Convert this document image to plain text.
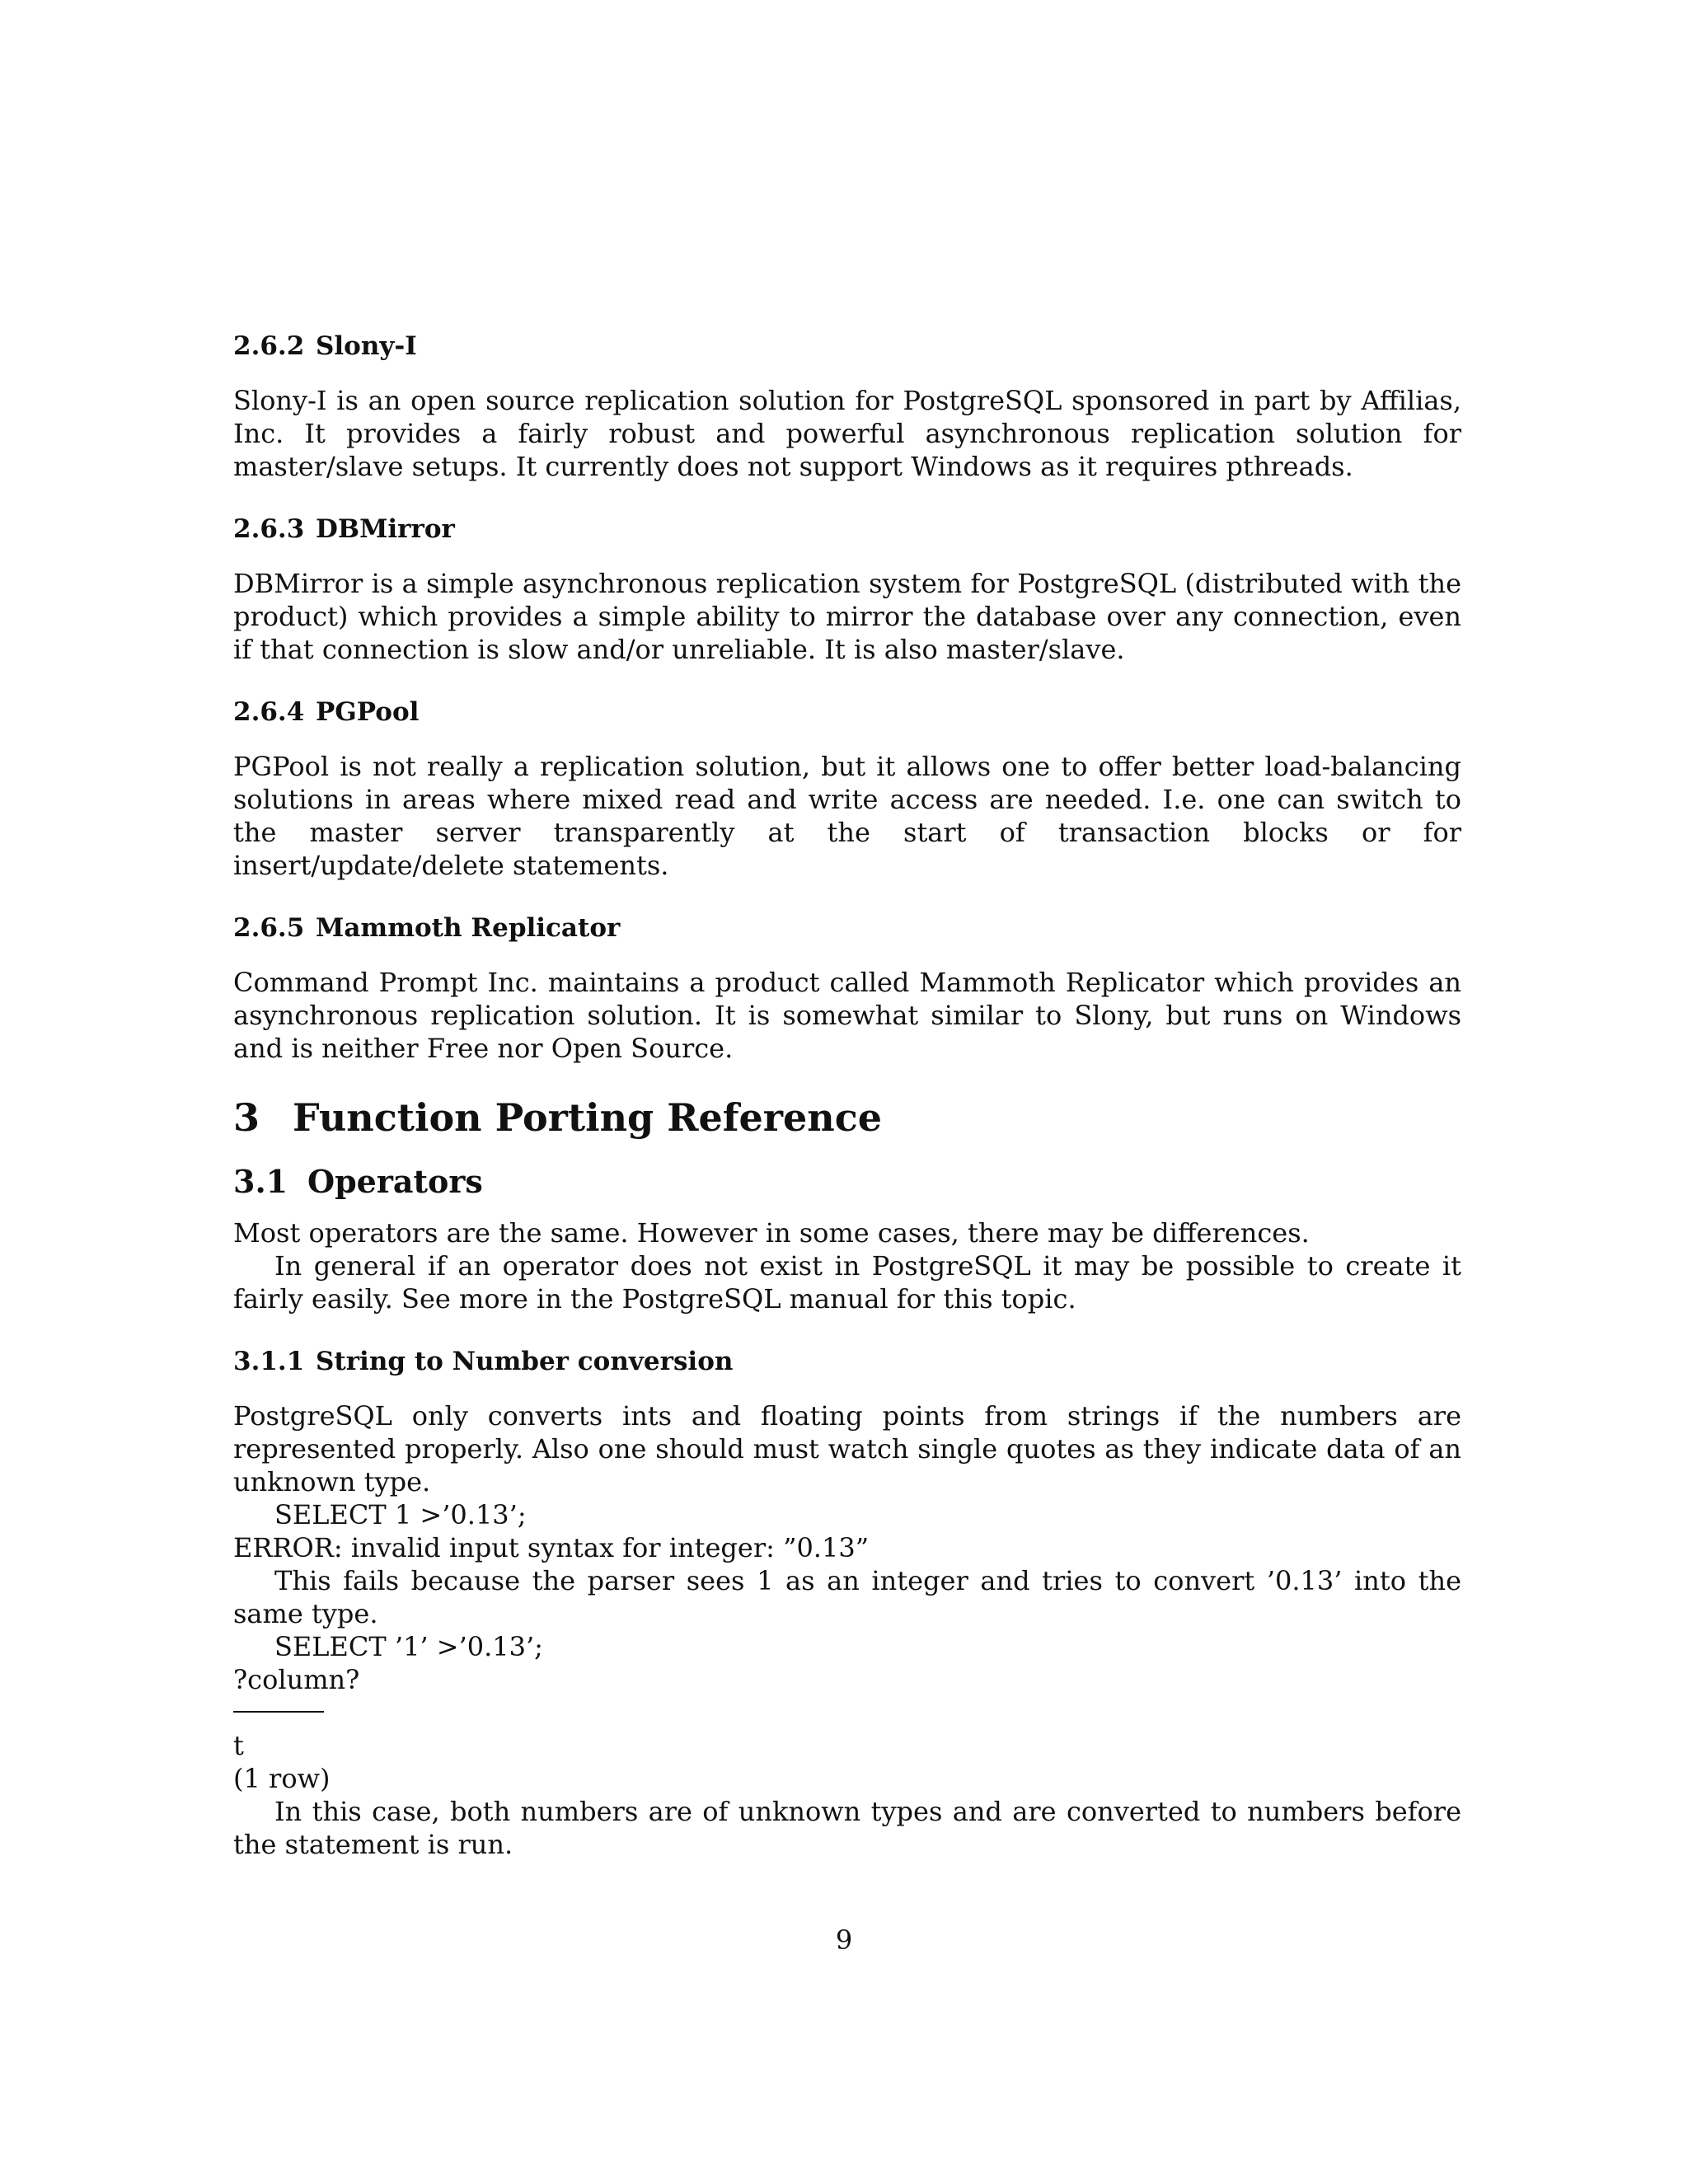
2.6.2 Slony-I

Slony-I is an open source replication solution for PostgreSQL sponsored in part by Affilias, Inc. It provides a fairly robust and powerful asynchronous replication solution for master/slave setups. It currently does not support Windows as it requires pthreads.

2.6.3 DBMirror

DBMirror is a simple asynchronous replication system for PostgreSQL (distributed with the product) which provides a simple ability to mirror the database over any connection, even if that connection is slow and/or unreliable. It is also master/slave.

2.6.4 PGPool

PGPool is not really a replication solution, but it allows one to offer better load-balancing solutions in areas where mixed read and write access are needed. I.e. one can switch to the master server transparently at the start of transaction blocks or for insert/update/delete statements.

2.6.5 Mammoth Replicator

Command Prompt Inc. maintains a product called Mammoth Replicator which provides an asynchronous replication solution. It is somewhat similar to Slony, but runs on Windows and is neither Free nor Open Source.

3 Function Porting Reference
3.1 Operators

Most operators are the same. However in some cases, there may be differences.

In general if an operator does not exist in PostgreSQL it may be possible to create it fairly easily. See more in the PostgreSQL manual for this topic.

3.1.1 String to Number conversion

PostgreSQL only converts ints and floating points from strings if the numbers are represented properly. Also one should must watch single quotes as they indicate data of an unknown type.

SELECT 1 >’0.13’;

ERROR: invalid input syntax for integer: ”0.13”

This fails because the parser sees 1 as an integer and tries to convert ’0.13’ into the same type.

SELECT ’1’ >’0.13’;

?column?

t

(1 row)

In this case, both numbers are of unknown types and are converted to numbers before the statement is run.

9
